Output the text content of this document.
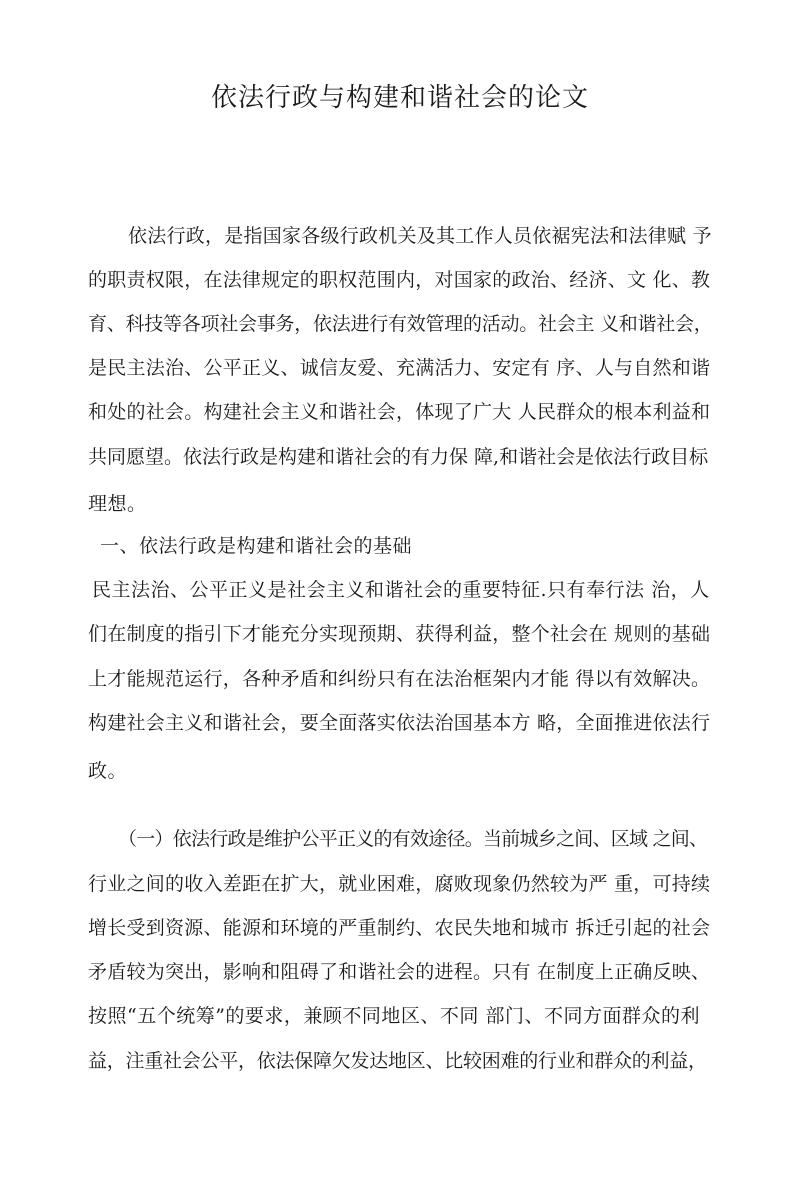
依法行政与构建和谐社会的论文
依法行政，是指国家各级行政机关及其工作人员依裾宪法和法律赋 予
的职责权限，在法律规定的职权范围内，对国家的政治、经济、文 化、教
育、科技等各项社会事务，依法进行有效管理的活动。社会主 义和谐社会，
是民主法治、公平正义、诚信友爱、充满活力、安定有 序、人与自然和谐
和处的社会。构建社会主义和谐社会，体现了广大 人民群众的根本利益和
共同愿望。依法行政是构建和谐社会的有力保 障,和谐社会是依法行政目标
理想。
一、依法行政是构建和谐社会的基础
民主法治、公平正义是社会主义和谐社会的重要特征.只有奉行法 治，人
们在制度的指引下才能充分实现预期、获得利益，整个社会在 规则的基础
上才能规范运行，各种矛盾和纠纷只有在法治框架内才能 得以有效解决。
构建社会主义和谐社会，要全面落实依法治国基本方 略，全面推进依法行
政。
（一）依法行政是维护公平正义的有效途径。当前城乡之间、区域 之间、
行业之间的收入差距在扩大，就业困难，腐败现象仍然较为严 重，可持续
增长受到资源、能源和环境的严重制约、农民失地和城市 拆迁引起的社会
矛盾较为突出，影响和阻碍了和谐社会的进程。只有 在制度上正确反映、
按照“五个统筹”的要求，兼顾不同地区、不同 部门、不同方面群众的利
益，注重社会公平，依法保障欠发达地区、比较困难的行业和群众的利益，
